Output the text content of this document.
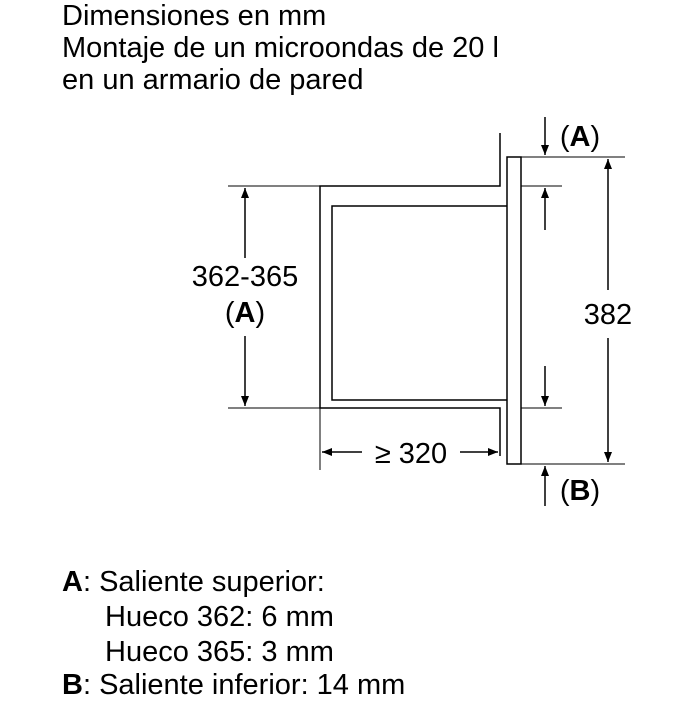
Dimensiones en mm
Montaje de un microondas de 20 l
en un armario de pared
362-365
(A)	382
(A)
(B)
≥ 320
A: Saliente superior:
Hueco 362: 6 mm
Hueco 365: 3 mm
B: Saliente inferior: 14 mm
